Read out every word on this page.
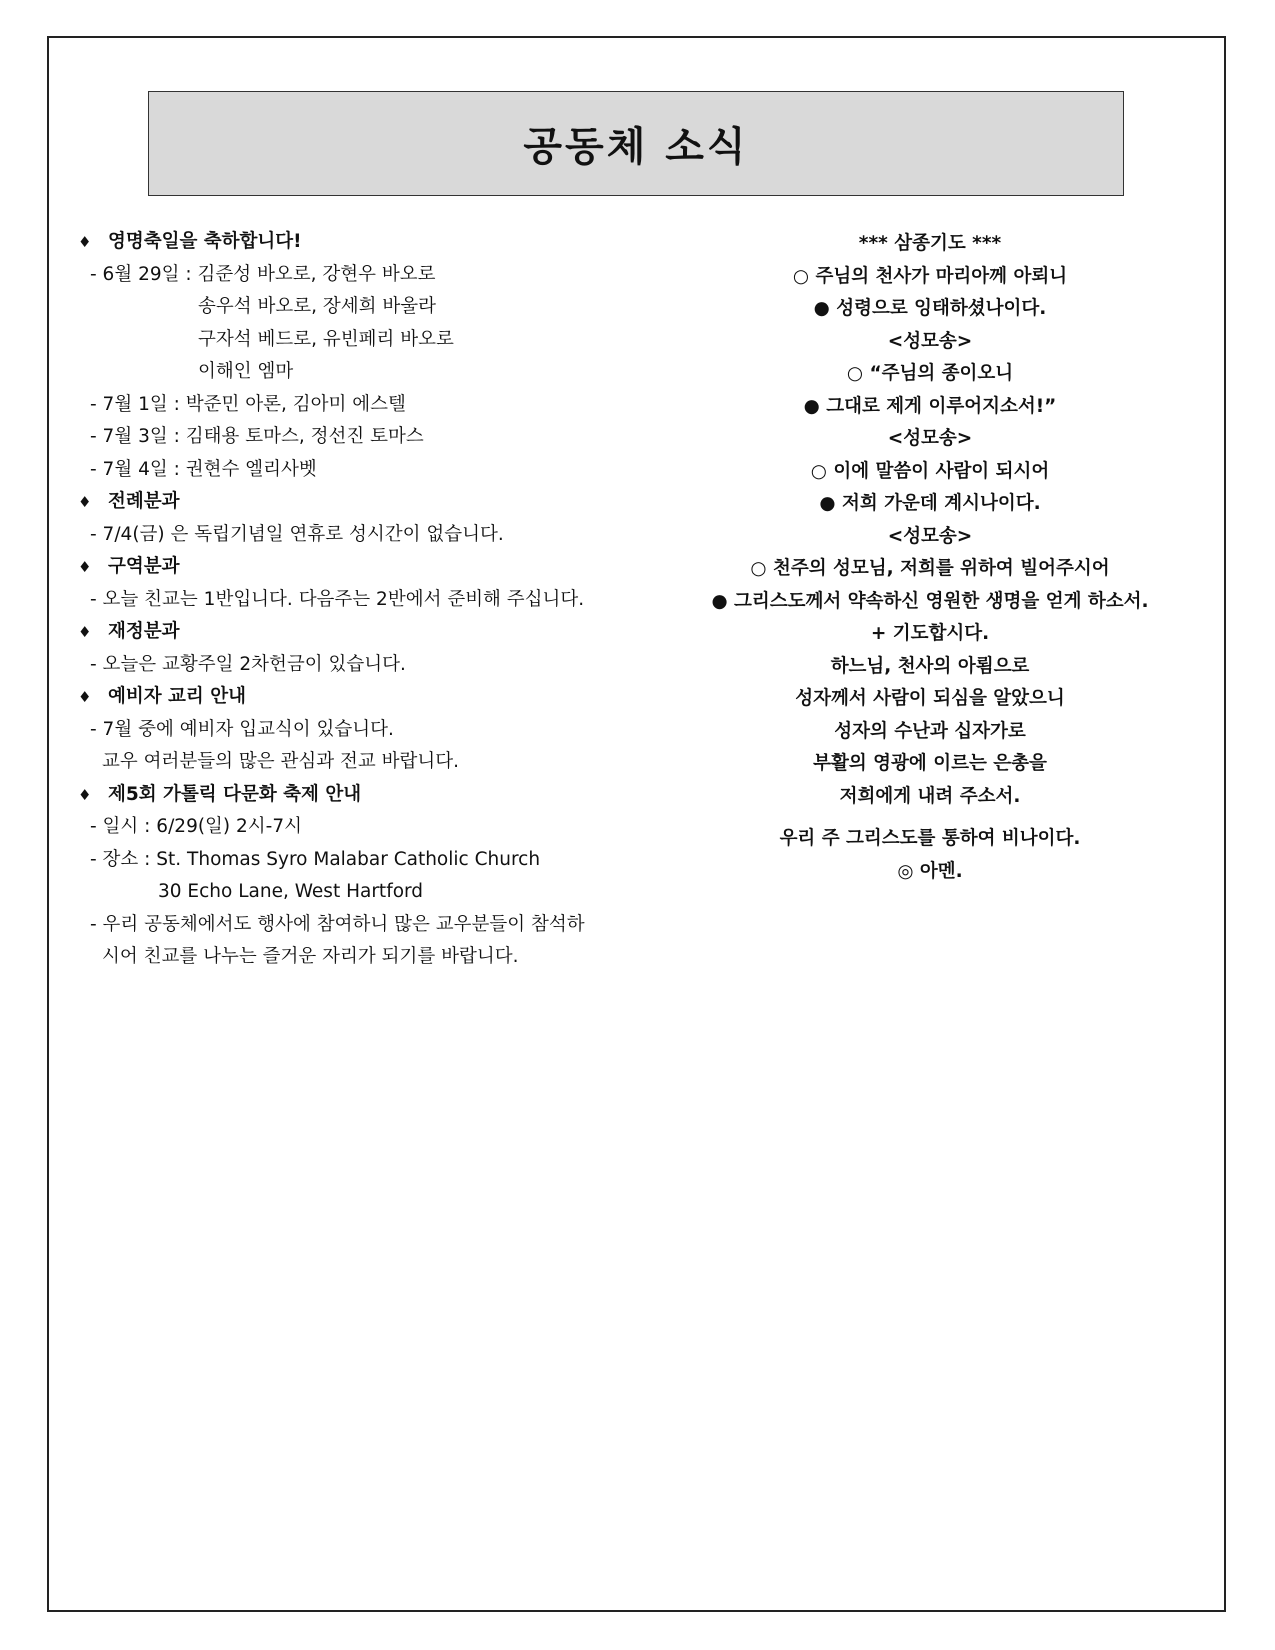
공동체 소식
♦ 영명축일을 축하합니다!
- 6월 29일 : 김준성 바오로, 강현우 바오로
송우석 바오로, 장세희 바울라
구자석 베드로, 유빈페리 바오로
이해인 엠마
- 7월 1일 : 박준민 아론, 김아미 에스텔
- 7월 3일 : 김태용 토마스, 정선진 토마스
- 7월 4일 : 권현수 엘리사벳
♦ 전례분과
- 7/4(금) 은 독립기념일 연휴로 성시간이 없습니다.
♦ 구역분과
- 오늘 친교는 1반입니다. 다음주는 2반에서 준비해 주십니다.
♦ 재정분과
- 오늘은 교황주일 2차헌금이 있습니다.
♦ 예비자 교리 안내
- 7월 중에 예비자 입교식이 있습니다.
교우 여러분들의 많은 관심과 전교 바랍니다.
♦ 제5회 가톨릭 다문화 축제 안내
- 일시 : 6/29(일) 2시-7시
- 장소 : St. Thomas Syro Malabar Catholic Church
30 Echo Lane, West Hartford
- 우리 공동체에서도 행사에 참여하니 많은 교우분들이 참석하
시어 친교를 나누는 즐거운 자리가 되기를 바랍니다.
*** 삼종기도 ***
○ 주님의 천사가 마리아께 아뢰니
● 성령으로 잉태하셨나이다.
<성모송>
○ “주님의 종이오니
● 그대로 제게 이루어지소서!”
<성모송>
○ 이에 말씀이 사람이 되시어
● 저희 가운데 계시나이다.
<성모송>
○ 천주의 성모님, 저희를 위하여 빌어주시어
● 그리스도께서 약속하신 영원한 생명을 얻게 하소서.
+ 기도합시다.
하느님, 천사의 아룀으로
성자께서 사람이 되심을 알았으니
성자의 수난과 십자가로
부활의 영광에 이르는 은총을
저희에게 내려 주소서.
우리 주 그리스도를 통하여 비나이다.
◎ 아멘.
